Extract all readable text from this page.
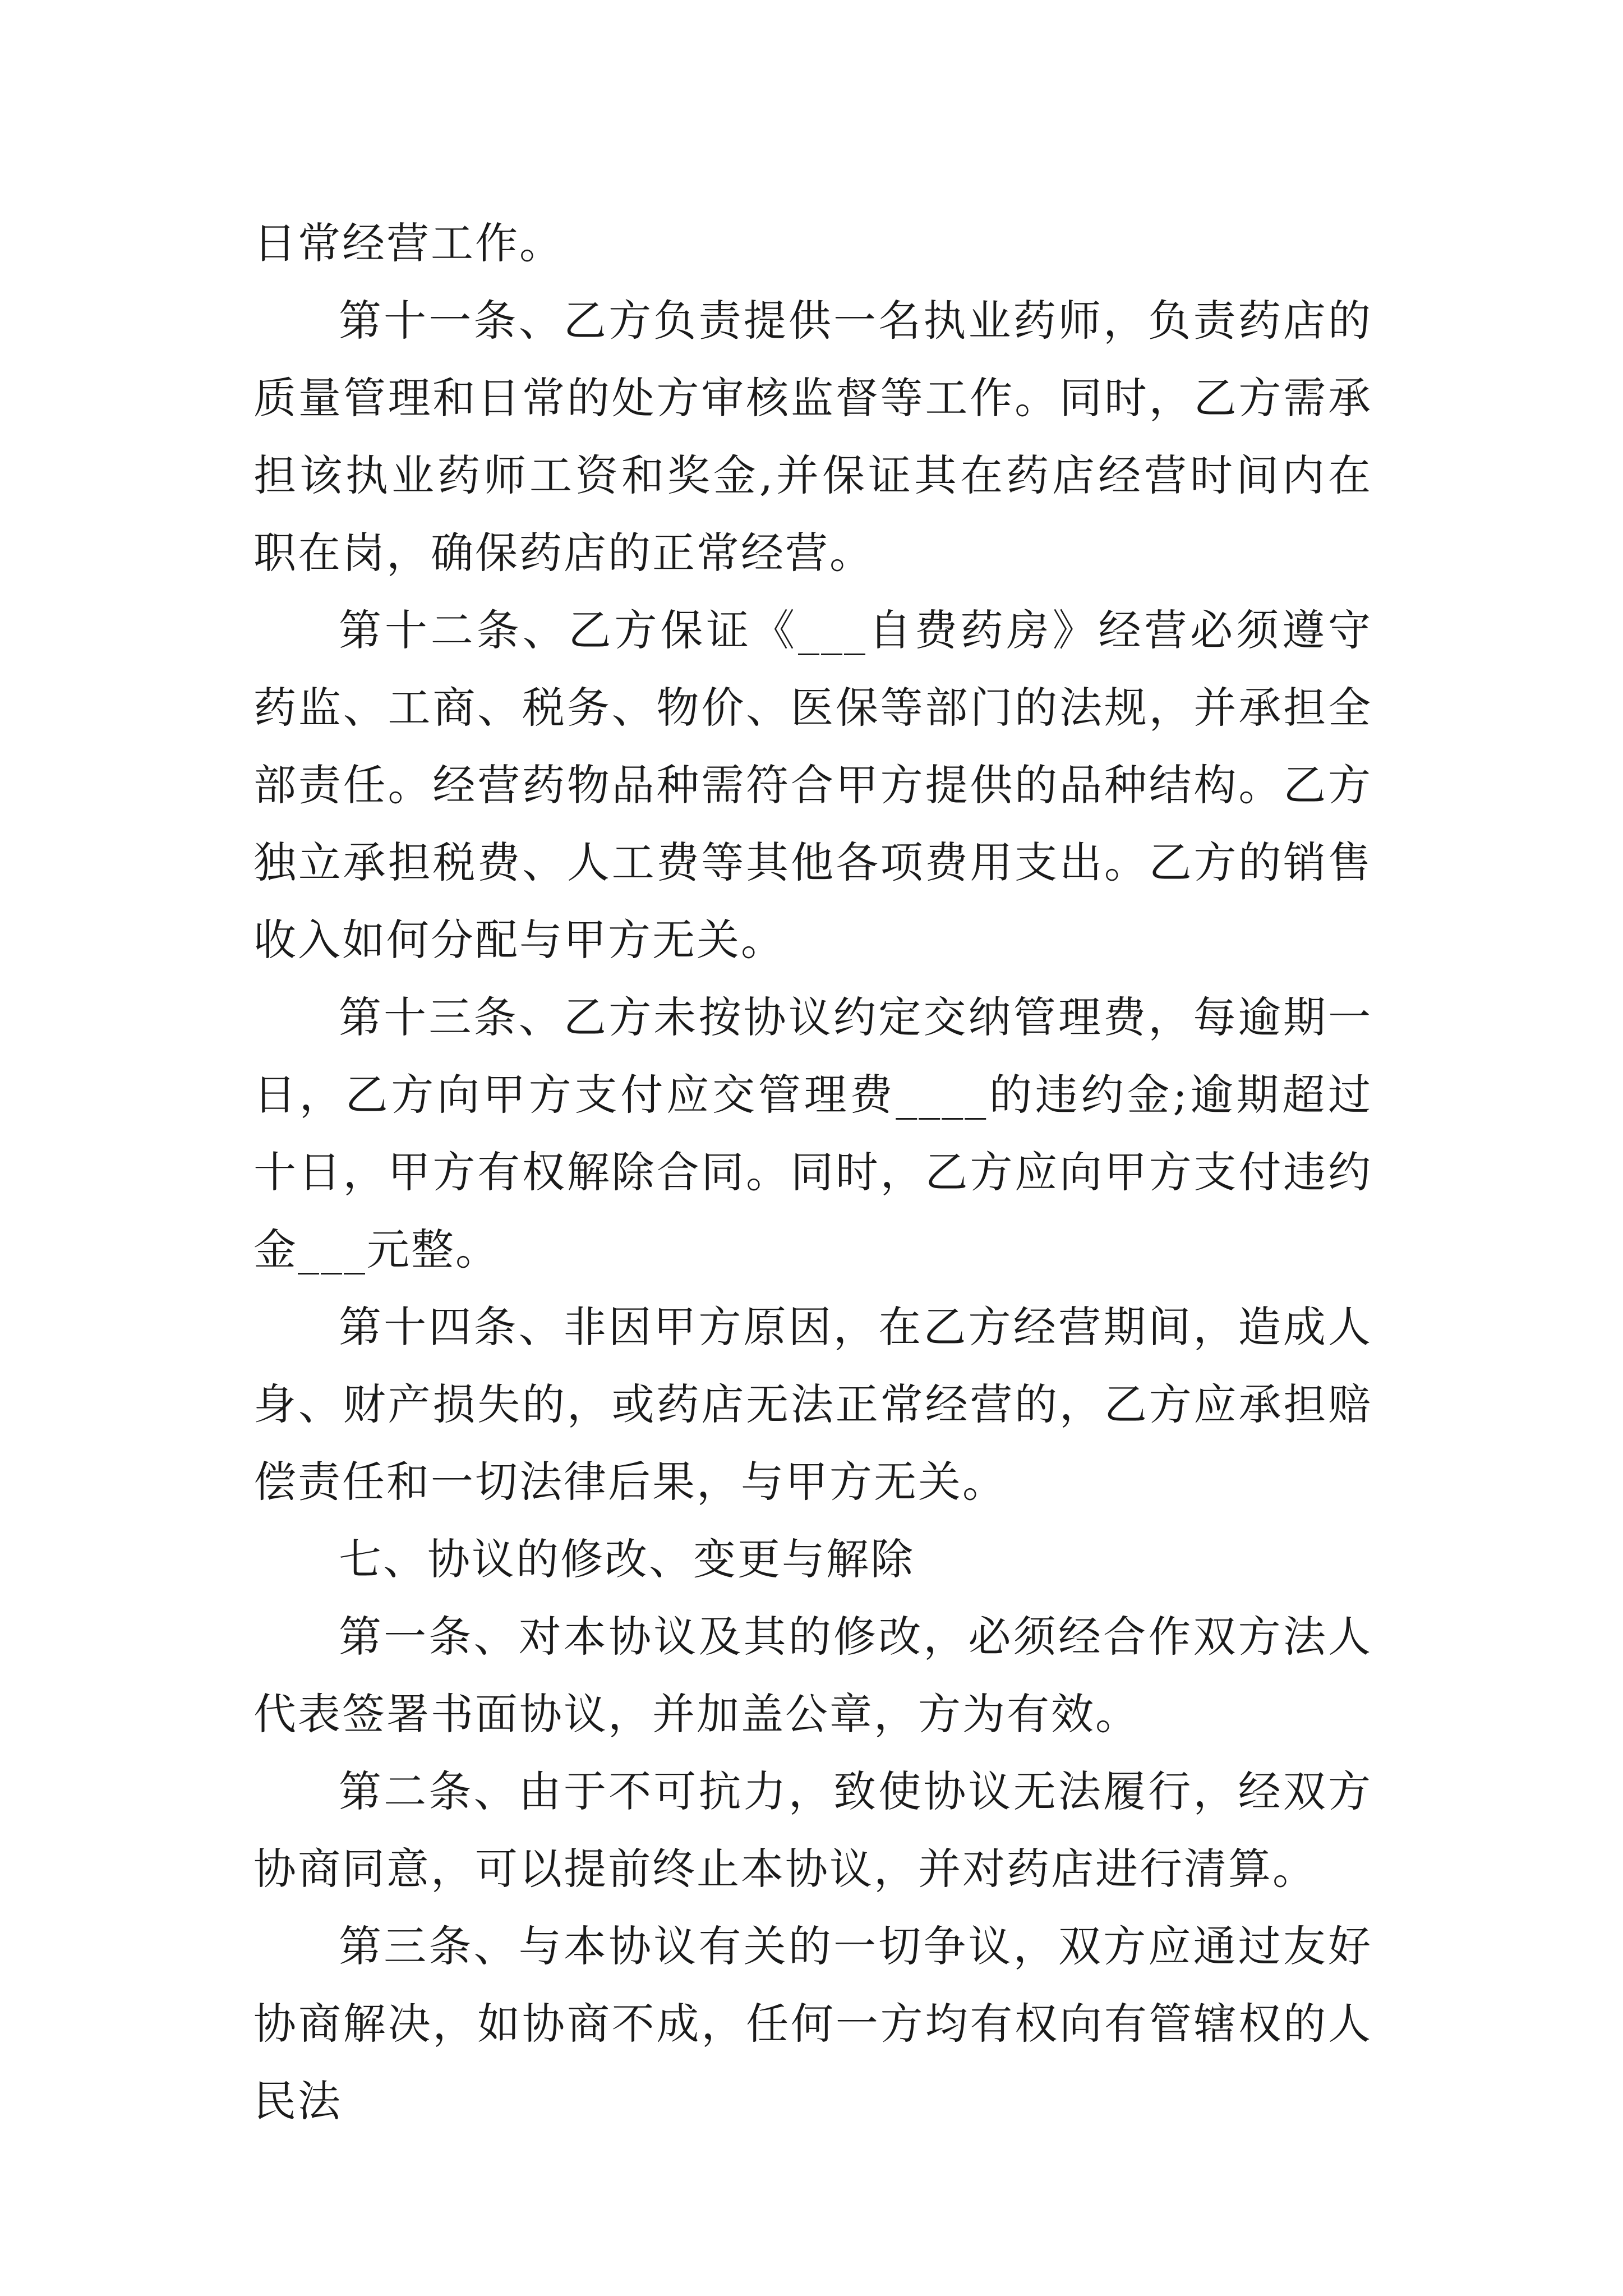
日常经营工作。

第十一条、乙方负责提供一名执业药师，负责药店的质量管理和日常的处方审核监督等工作。同时，乙方需承担该执业药师工资和奖金,并保证其在药店经营时间内在职在岗，确保药店的正常经营。

第十二条、乙方保证《___自费药房》经营必须遵守药监、工商、税务、物价、医保等部门的法规，并承担全部责任。经营药物品种需符合甲方提供的品种结构。乙方独立承担税费、人工费等其他各项费用支出。乙方的销售收入如何分配与甲方无关。

第十三条、乙方未按协议约定交纳管理费，每逾期一日，乙方向甲方支付应交管理费____的违约金;逾期超过十日，甲方有权解除合同。同时，乙方应向甲方支付违约金___元整。

第十四条、非因甲方原因，在乙方经营期间，造成人身、财产损失的，或药店无法正常经营的，乙方应承担赔偿责任和一切法律后果，与甲方无关。

七、协议的修改、变更与解除

第一条、对本协议及其的修改，必须经合作双方法人代表签署书面协议，并加盖公章，方为有效。

第二条、由于不可抗力，致使协议无法履行，经双方协商同意，可以提前终止本协议，并对药店进行清算。

第三条、与本协议有关的一切争议，双方应通过友好协商解决，如协商不成，任何一方均有权向有管辖权的人民法
